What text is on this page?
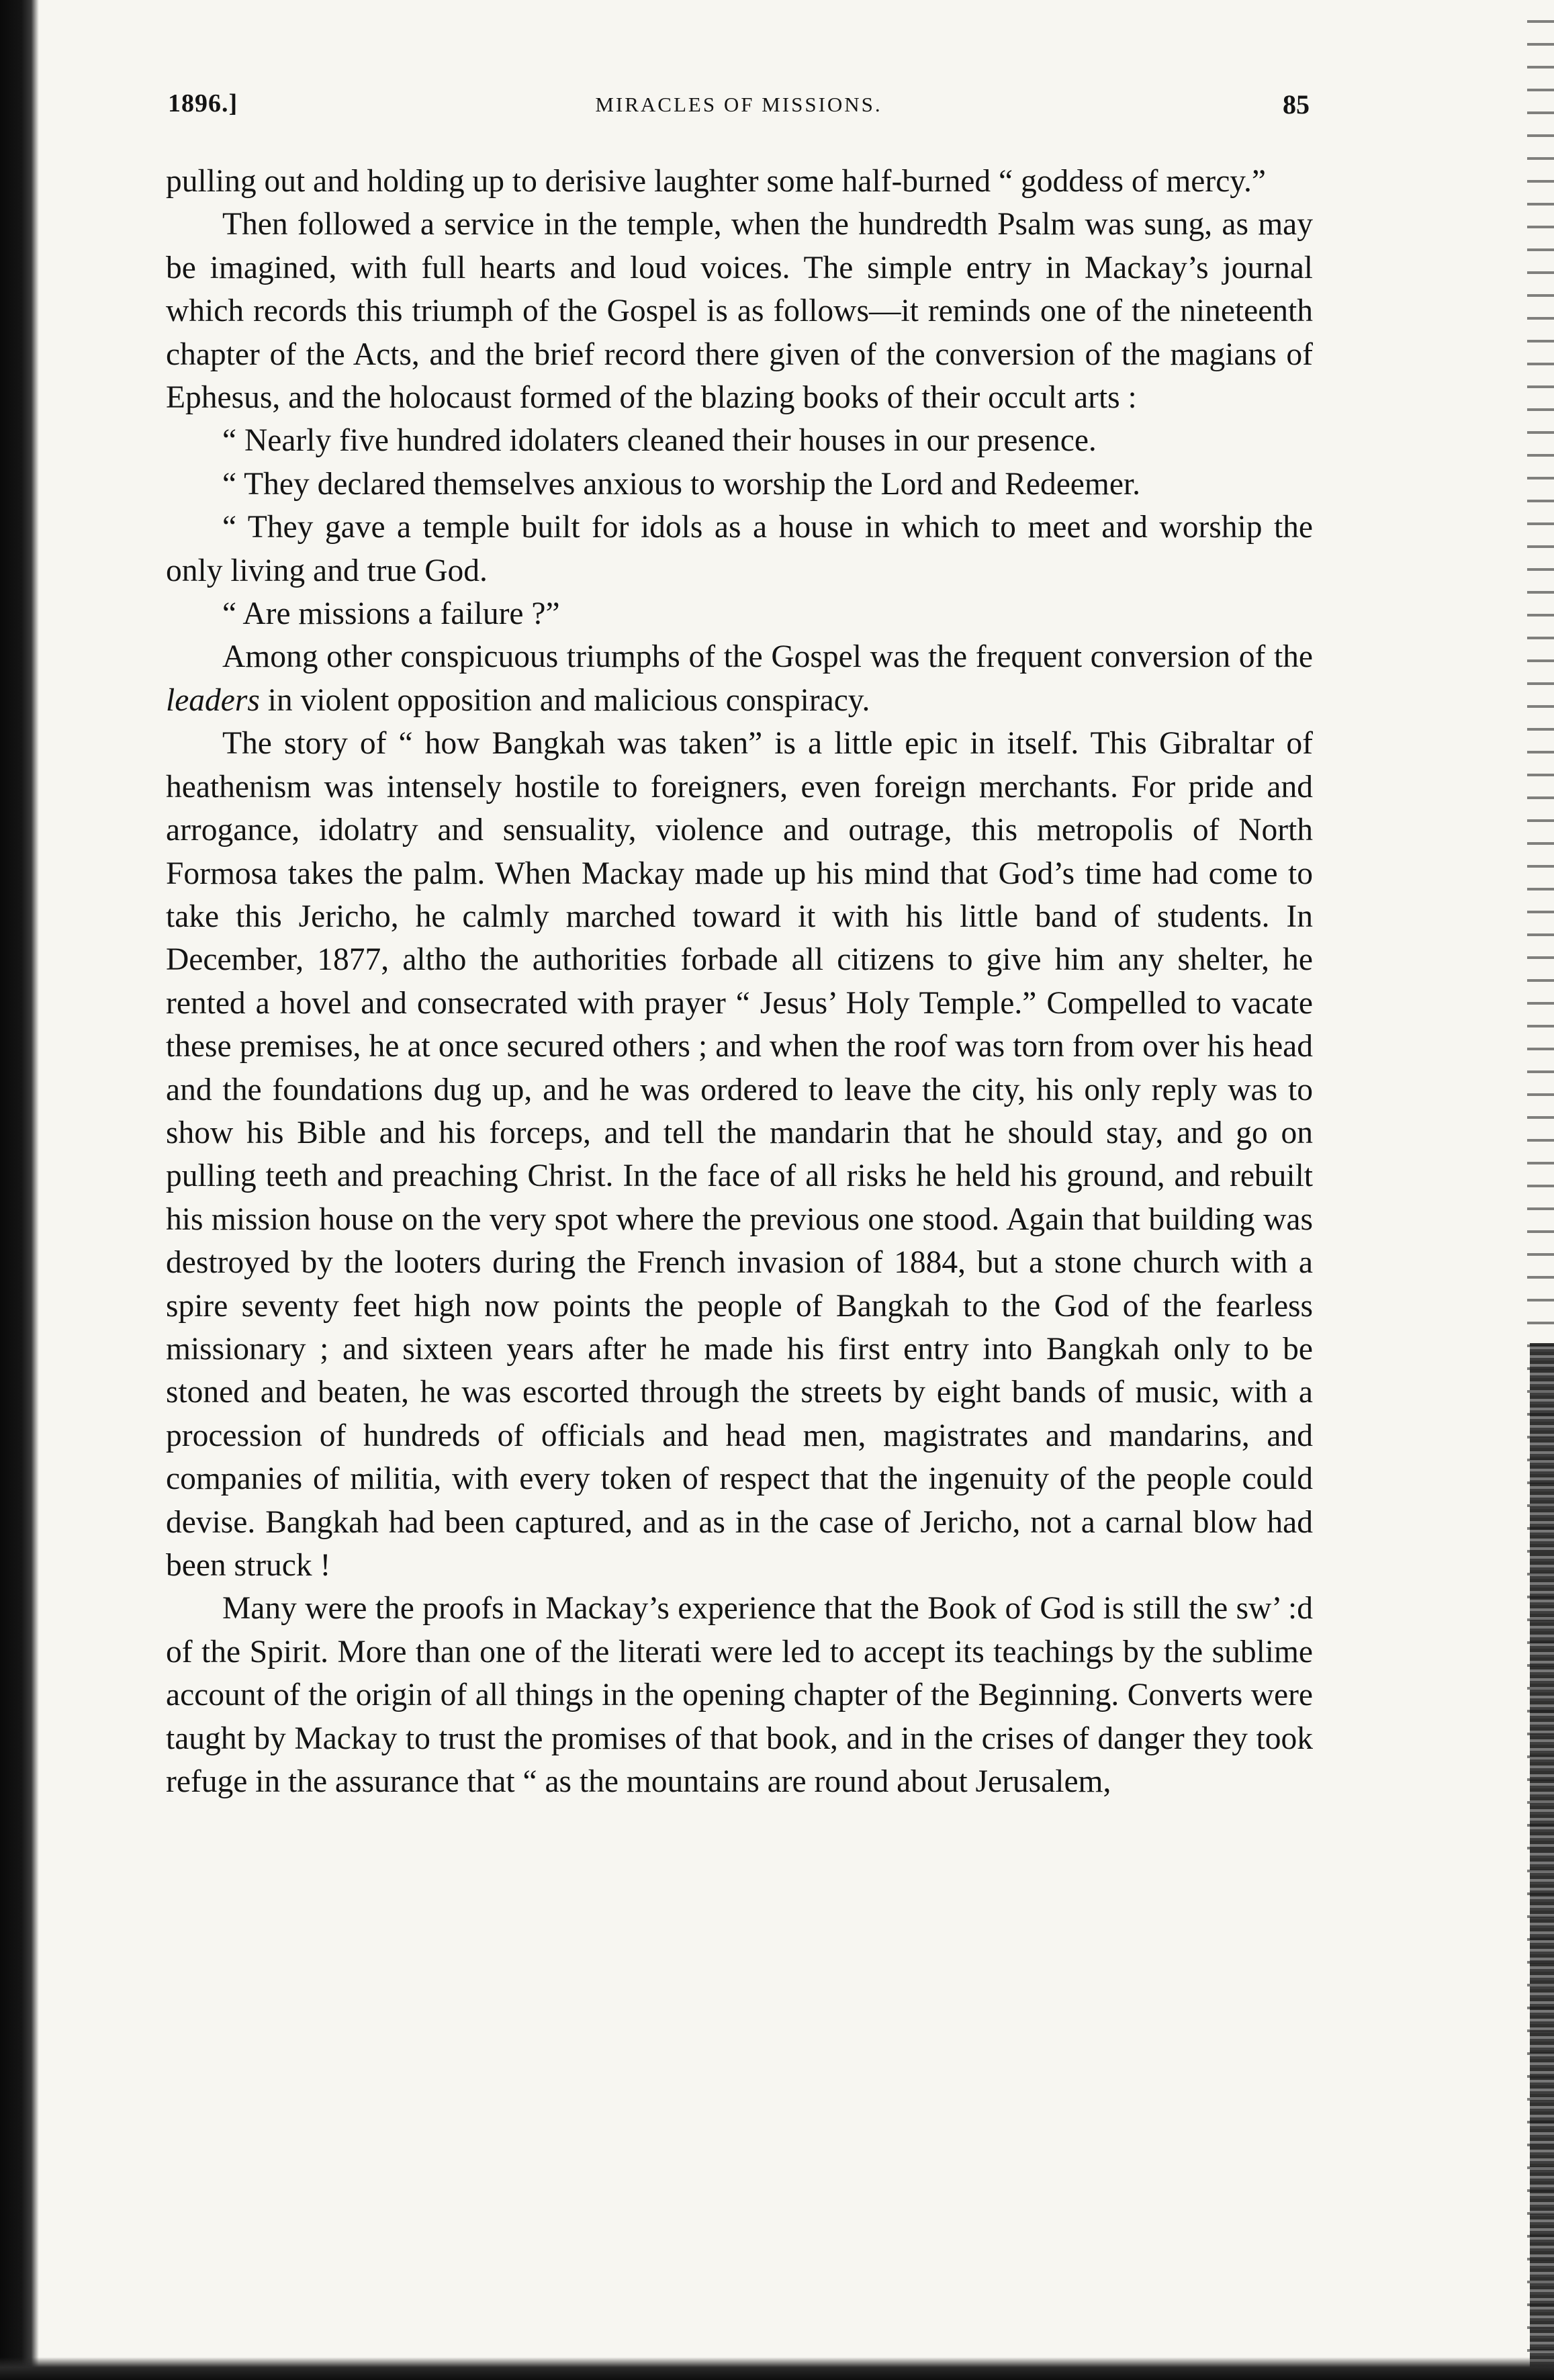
1896.]	MIRACLES OF MISSIONS.	85

pulling out and holding up to derisive laughter some half-burned “ goddess of mercy.”

Then followed a service in the temple, when the hundredth Psalm was sung, as may be imagined, with full hearts and loud voices. The simple entry in Mackay’s journal which records this triumph of the Gospel is as follows—it reminds one of the nineteenth chapter of the Acts, and the brief record there given of the conversion of the magians of Ephesus, and the holocaust formed of the blazing books of their occult arts :

“ Nearly five hundred idolaters cleaned their houses in our presence.

“ They declared themselves anxious to worship the Lord and Redeemer.

“ They gave a temple built for idols as a house in which to meet and worship the only living and true God.

“ Are missions a failure ?”

Among other conspicuous triumphs of the Gospel was the frequent conversion of the leaders in violent opposition and malicious conspiracy.

The story of “ how Bangkah was taken” is a little epic in itself. This Gibraltar of heathenism was intensely hostile to foreigners, even foreign merchants. For pride and arrogance, idolatry and sensuality, violence and outrage, this metropolis of North Formosa takes the palm. When Mackay made up his mind that God’s time had come to take this Jericho, he calmly marched toward it with his little band of students. In December, 1877, altho the authorities forbade all citizens to give him any shelter, he rented a hovel and consecrated with prayer “ Jesus’ Holy Temple.” Compelled to vacate these premises, he at once secured others ; and when the roof was torn from over his head and the foundations dug up, and he was ordered to leave the city, his only reply was to show his Bible and his forceps, and tell the mandarin that he should stay, and go on pulling teeth and preaching Christ. In the face of all risks he held his ground, and rebuilt his mission house on the very spot where the previous one stood. Again that building was destroyed by the looters during the French invasion of 1884, but a stone church with a spire seventy feet high now points the people of Bangkah to the God of the fearless missionary ; and sixteen years after he made his first entry into Bangkah only to be stoned and beaten, he was escorted through the streets by eight bands of music, with a procession of hundreds of officials and head men, magistrates and mandarins, and companies of militia, with every token of respect that the ingenuity of the people could devise. Bangkah had been captured, and as in the case of Jericho, not a carnal blow had been struck !

Many were the proofs in Mackay’s experience that the Book of God is still the sw’ :d of the Spirit. More than one of the literati were led to accept its teachings by the sublime account of the origin of all things in the opening chapter of the Beginning. Converts were taught by Mackay to trust the promises of that book, and in the crises of danger they took refuge in the assurance that “ as the mountains are round about Jerusalem,
